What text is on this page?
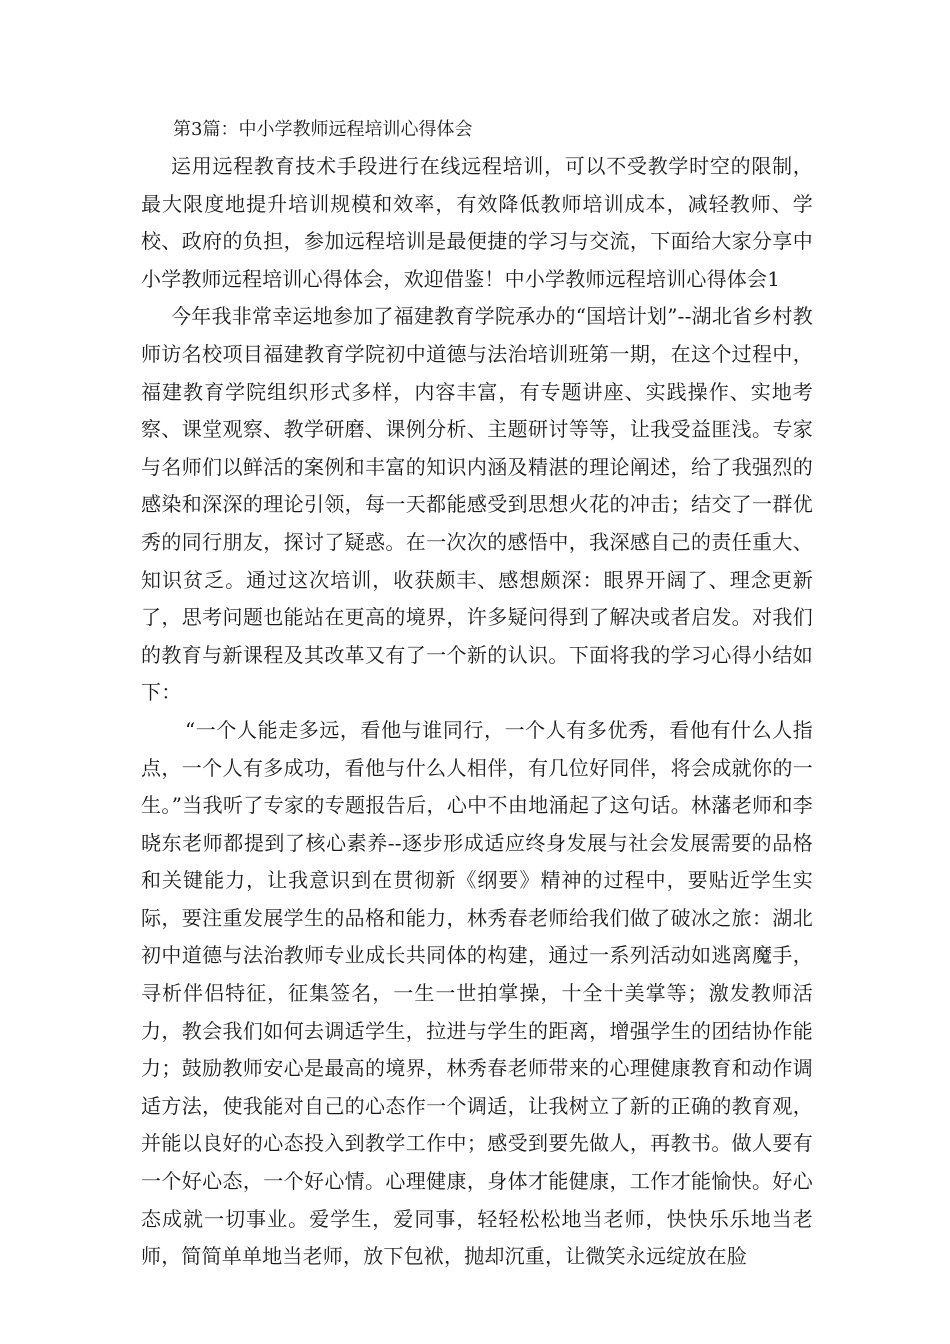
第3篇：中小学教师远程培训心得体会

运用远程教育技术手段进行在线远程培训，可以不受教学时空的限制，最大限度地提升培训规模和效率，有效降低教师培训成本，减轻教师、学校、政府的负担，参加远程培训是最便捷的学习与交流，下面给大家分享中小学教师远程培训心得体会，欢迎借鉴！中小学教师远程培训心得体会1

今年我非常幸运地参加了福建教育学院承办的“国培计划”--湖北省乡村教师访名校项目福建教育学院初中道德与法治培训班第一期，在这个过程中，福建教育学院组织形式多样，内容丰富，有专题讲座、实践操作、实地考察、课堂观察、教学研磨、课例分析、主题研讨等等，让我受益匪浅。专家与名师们以鲜活的案例和丰富的知识内涵及精湛的理论阐述，给了我强烈的感染和深深的理论引领，每一天都能感受到思想火花的冲击；结交了一群优秀的同行朋友，探讨了疑惑。在一次次的感悟中，我深感自己的责任重大、知识贫乏。通过这次培训，收获颇丰、感想颇深：眼界开阔了、理念更新了，思考问题也能站在更高的境界，许多疑问得到了解决或者启发。对我们的教育与新课程及其改革又有了一个新的认识。下面将我的学习心得小结如下：

“一个人能走多远，看他与谁同行，一个人有多优秀，看他有什么人指点，一个人有多成功，看他与什么人相伴，有几位好同伴，将会成就你的一生。”当我听了专家的专题报告后，心中不由地涌起了这句话。林藩老师和李晓东老师都提到了核心素养--逐步形成适应终身发展与社会发展需要的品格和关键能力，让我意识到在贯彻新《纲要》精神的过程中，要贴近学生实际，要注重发展学生的品格和能力，林秀春老师给我们做了破冰之旅：湖北初中道德与法治教师专业成长共同体的构建，通过一系列活动如逃离魔手，寻析伴侣特征，征集签名，一生一世拍掌操，十全十美掌等；激发教师活力，教会我们如何去调适学生，拉进与学生的距离，增强学生的团结协作能力；鼓励教师安心是最高的境界，林秀春老师带来的心理健康教育和动作调适方法，使我能对自己的心态作一个调适，让我树立了新的正确的教育观，并能以良好的心态投入到教学工作中；感受到要先做人，再教书。做人要有一个好心态，一个好心情。心理健康，身体才能健康，工作才能愉快。好心态成就一切事业。爱学生，爱同事，轻轻松松地当老师，快快乐乐地当老师，简简单单地当老师，放下包袱，抛却沉重，让微笑永远绽放在脸
